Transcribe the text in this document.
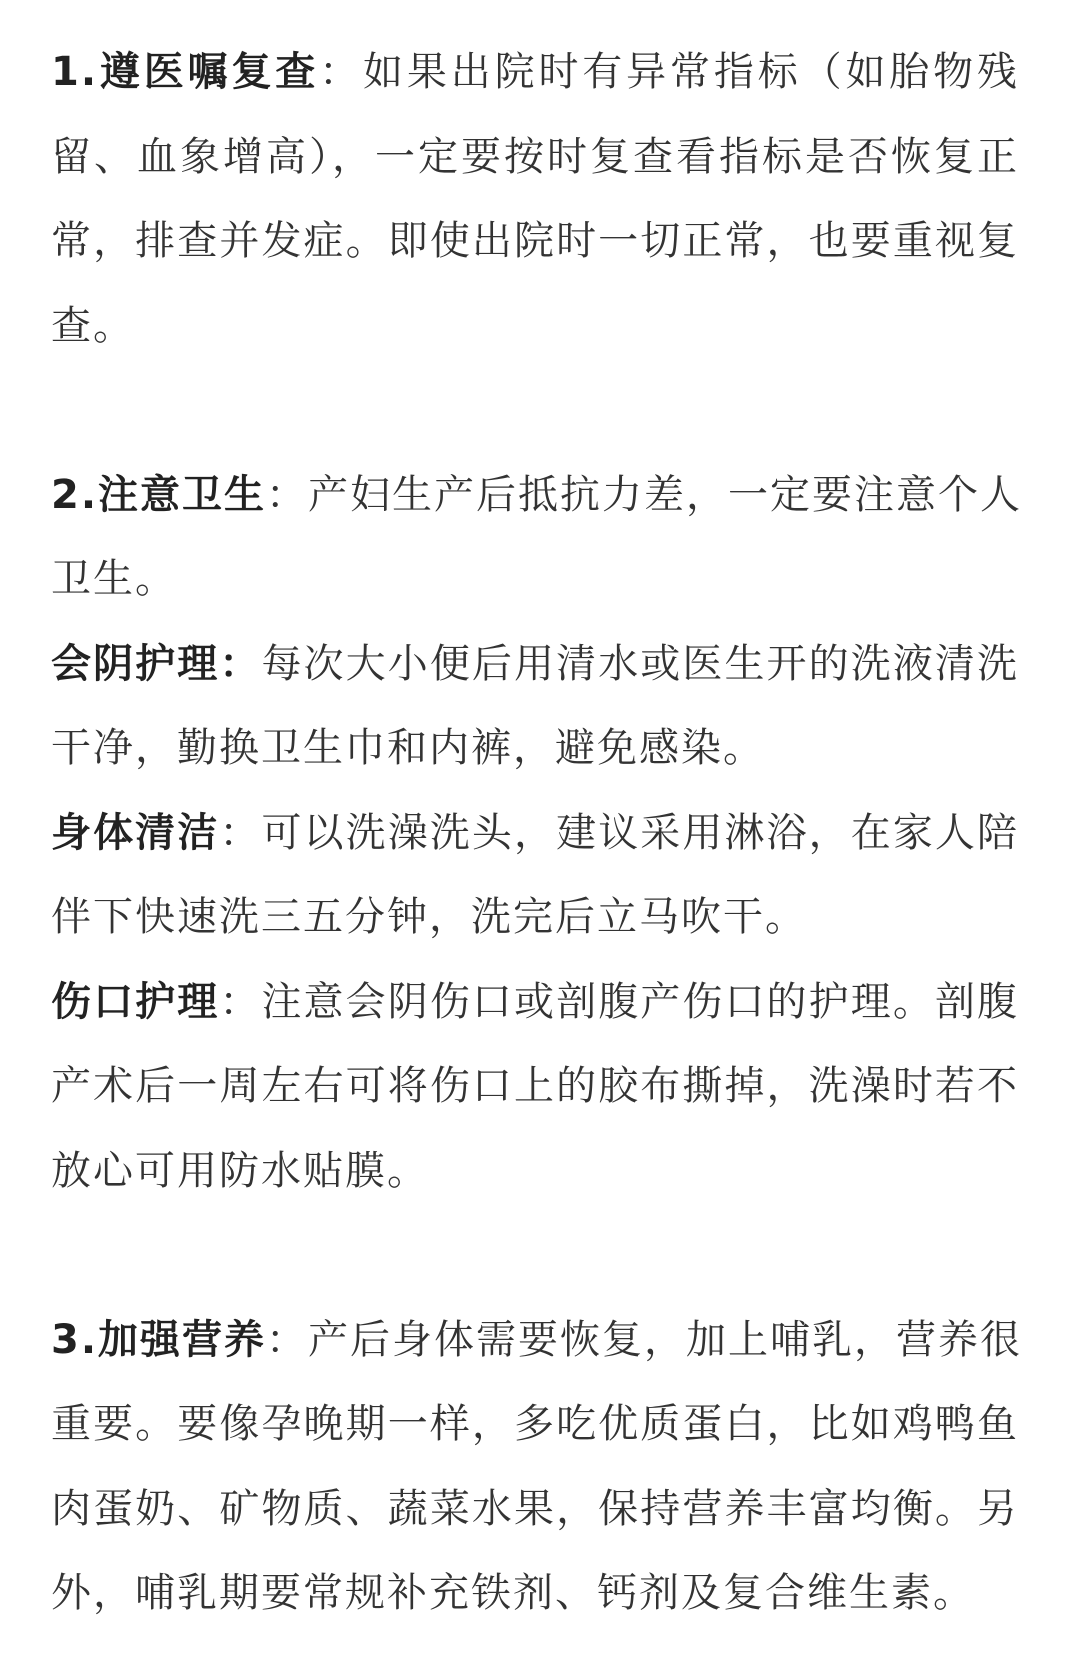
1.遵医嘱复查：如果出院时有异常指标（如胎物残
留、血象增高），一定要按时复查看指标是否恢复正
常，排查并发症。即使出院时一切正常，也要重视复
查。
2.注意卫生：产妇生产后抵抗力差，一定要注意个人
卫生。
会阴护理：每次大小便后用清水或医生开的洗液清洗
干净，勤换卫生巾和内裤，避免感染。
身体清洁：可以洗澡洗头，建议采用淋浴，在家人陪
伴下快速洗三五分钟，洗完后立马吹干。
伤口护理：注意会阴伤口或剖腹产伤口的护理。剖腹
产术后一周左右可将伤口上的胶布撕掉，洗澡时若不
放心可用防水贴膜。
3.加强营养：产后身体需要恢复，加上哺乳，营养很
重要。要像孕晚期一样，多吃优质蛋白，比如鸡鸭鱼
肉蛋奶、矿物质、蔬菜水果，保持营养丰富均衡。另
外，哺乳期要常规补充铁剂、钙剂及复合维生素。
